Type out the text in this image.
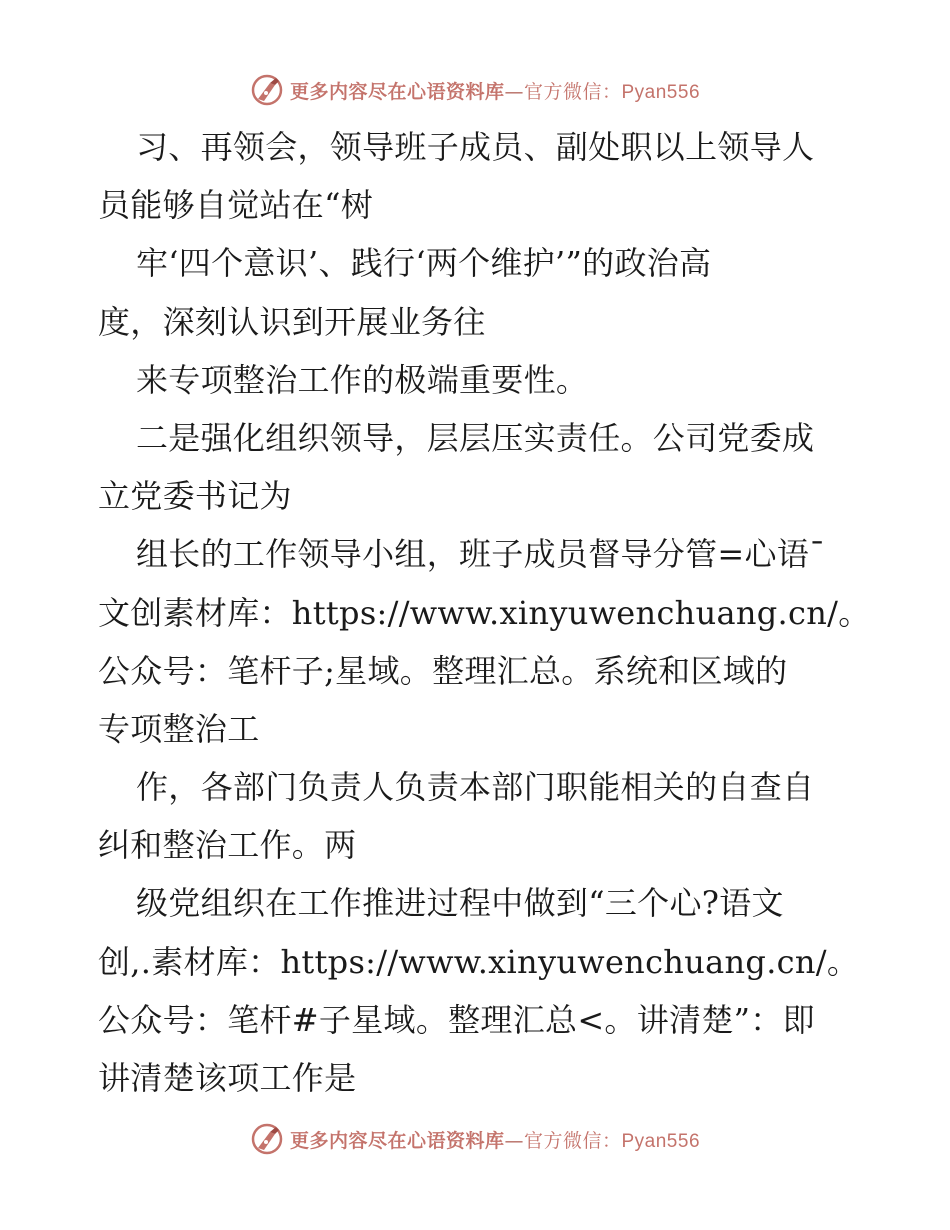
更多内容尽在心语资料库—官方微信：Pyan556
习、再领会，领导班子成员、副处职以上领导人
员能够自觉站在“树
牢‘四个意识’、践行‘两个维护’”的政治高
度，深刻认识到开展业务往
来专项整治工作的极端重要性。
二是强化组织领导，层层压实责任。公司党委成
立党委书记为
组长的工作领导小组，班子成员督导分管=心语¯
文创素材库：https://www.xinyuwenchuang.cn/。
公众号：笔杆子;星域。整理汇总。系统和区域的
专项整治工
作，各部门负责人负责本部门职能相关的自查自
纠和整治工作。两
级党组织在工作推进过程中做到“三个心?语文
创,.素材库：https://www.xinyuwenchuang.cn/。
公众号：笔杆#子星域。整理汇总<。讲清楚”：即
讲清楚该项工作是
更多内容尽在心语资料库—官方微信：Pyan556
